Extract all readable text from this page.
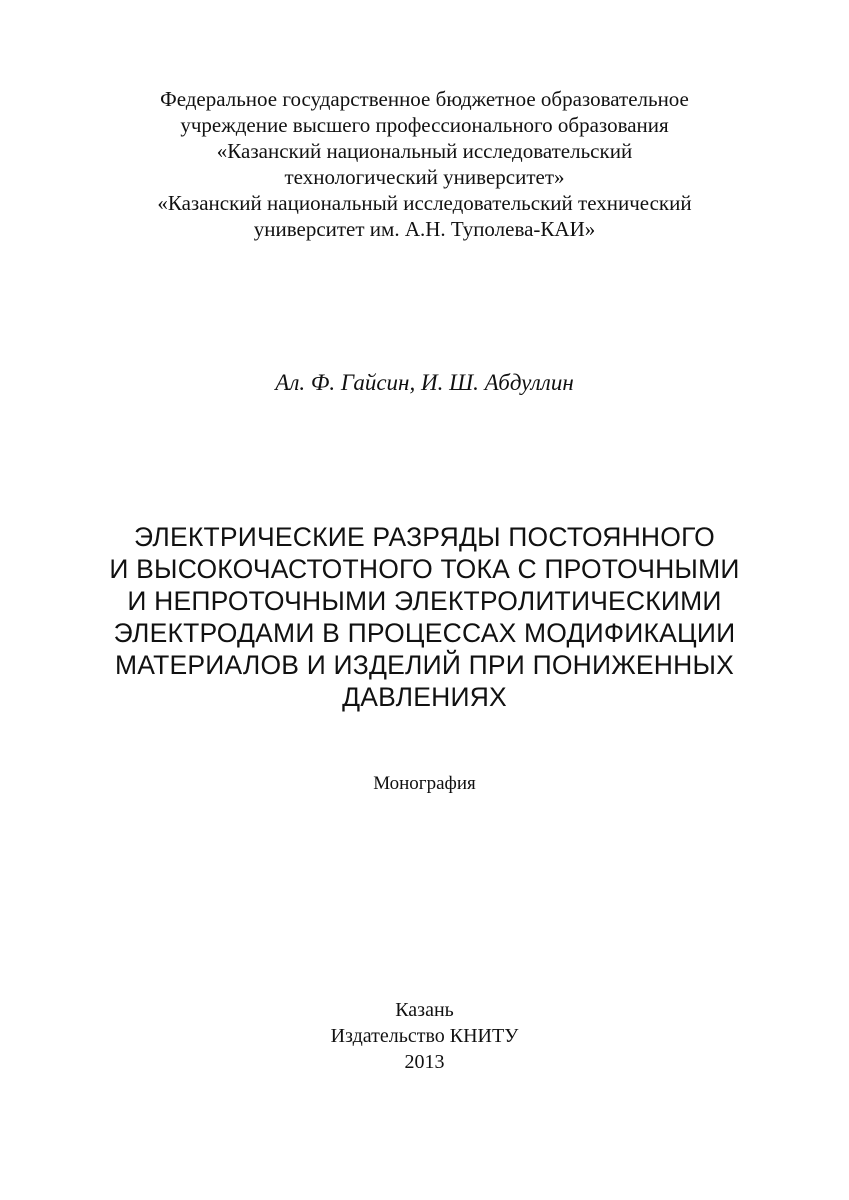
Федеральное государственное бюджетное образовательное
учреждение высшего профессионального образования
«Казанский национальный исследовательский
технологический университет»
«Казанский национальный исследовательский технический
университет им. А.Н. Туполева-КАИ»
Ал. Ф. Гайсин, И. Ш. Абдуллин
ЭЛЕКТРИЧЕСКИЕ РАЗРЯДЫ ПОСТОЯННОГО
И ВЫСОКОЧАСТОТНОГО ТОКА С ПРОТОЧНЫМИ
И НЕПРОТОЧНЫМИ ЭЛЕКТРОЛИТИЧЕСКИМИ
ЭЛЕКТРОДАМИ В ПРОЦЕССАХ МОДИФИКАЦИИ
МАТЕРИАЛОВ И ИЗДЕЛИЙ ПРИ ПОНИЖЕННЫХ
ДАВЛЕНИЯХ
Монография
Казань
Издательство КНИТУ
2013
